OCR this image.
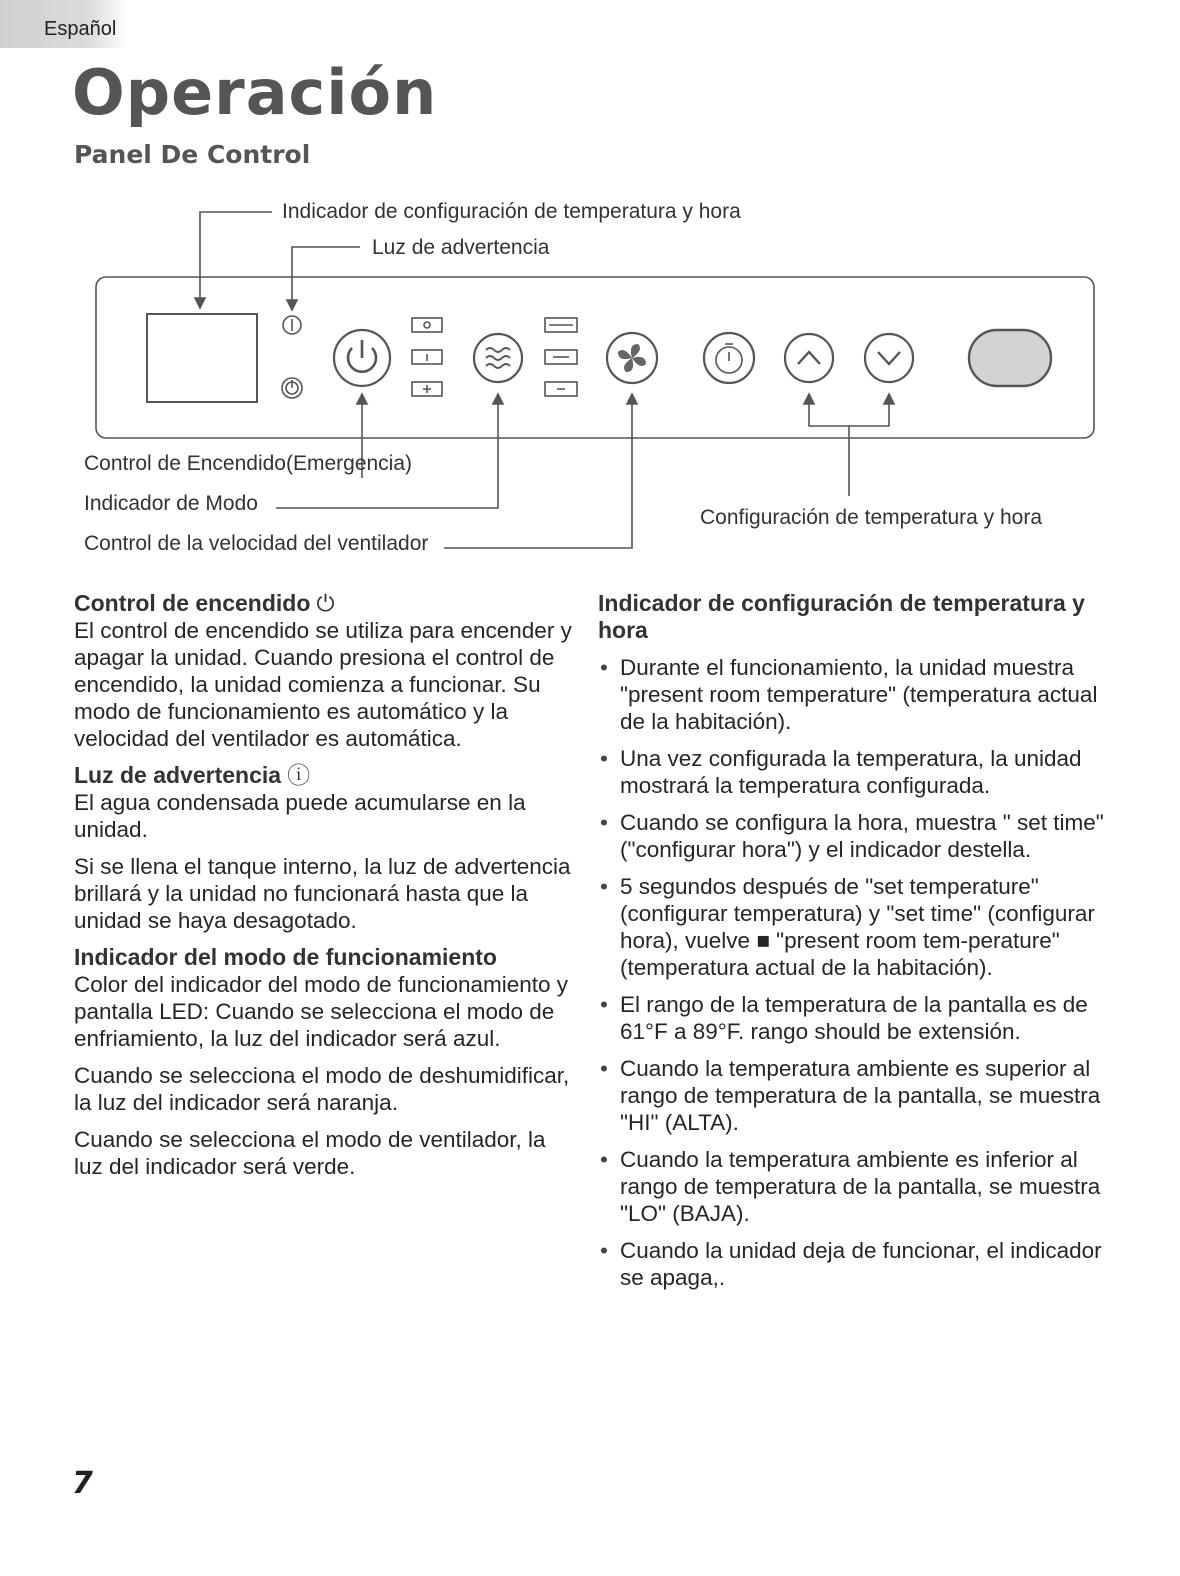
Español
Operación
Panel De Control
Indicador de configuración de temperatura y hora
Luz de advertencia
Control de Encendido(Emergencia)
Indicador de Modo
Control de la velocidad del ventilador
Configuración de temperatura y hora
Control de encendido ⏻

El control de encendido se utiliza para encender y apagar la unidad. Cuando presiona el control de encendido, la unidad comienza a funcionar. Su modo de funcionamiento es automático y la velocidad del ventilador es automática.

Luz de advertencia ⓘ

El agua condensada puede acumularse en la unidad.

Si se llena el tanque interno, la luz de advertencia brillará y la unidad no funcionará hasta que la unidad se haya desagotado.

Indicador del modo de funcionamiento

Color del indicador del modo de funcionamiento y pantalla LED: Cuando se selecciona el modo de enfriamiento, la luz del indicador será azul.

Cuando se selecciona el modo de deshumidificar, la luz del indicador será naranja.

Cuando se selecciona el modo de ventilador, la luz del indicador será verde.

Indicador de configuración de temperatura y hora
• Durante el funcionamiento, la unidad muestra "present room temperature" (temperatura actual de la habitación).
• Una vez configurada la temperatura, la unidad mostrará la temperatura configurada.
• Cuando se configura la hora, muestra " set time" ("configurar hora") y el indicador destella.
• 5 segundos después de "set temperature" (configurar temperatura) y "set time" (configurar hora), vuelve ■ "present room tem-perature" (temperatura actual de la habitación).
• El rango de la temperatura de la pantalla es de 61°F a 89°F. rango should be extensión.
• Cuando la temperatura ambiente es superior al rango de temperatura de la pantalla, se muestra "HI" (ALTA).
• Cuando la temperatura ambiente es inferior al rango de temperatura de la pantalla, se muestra "LO" (BAJA).
• Cuando la unidad deja de funcionar, el indicador se apaga,.
7
